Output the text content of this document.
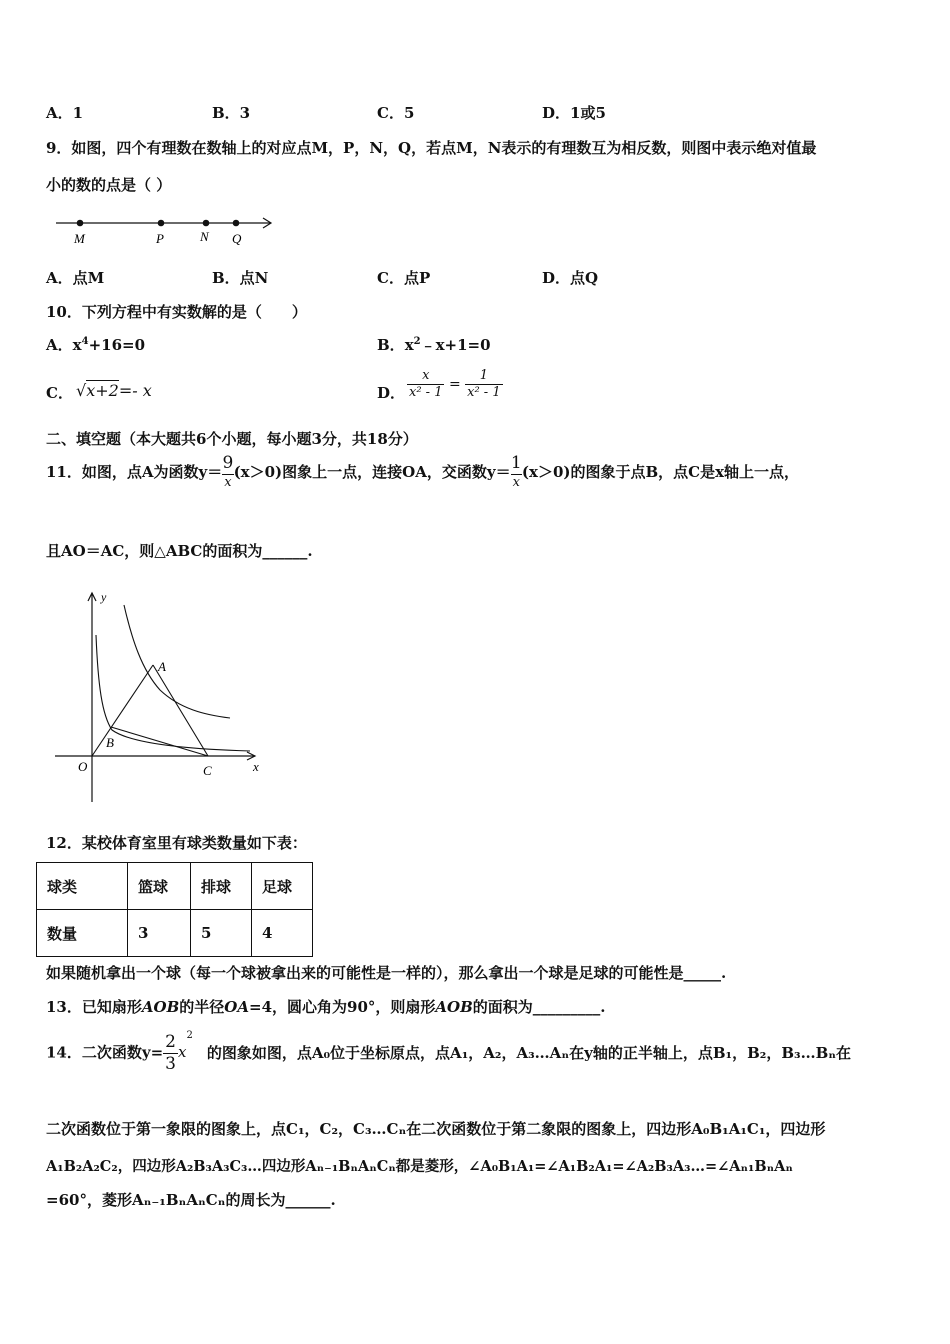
A．1	B．3	C．5	D．1或5
9．如图，四个有理数在数轴上的对应点M，P，N，Q，若点M，N表示的有理数互为相反数，则图中表示绝对值最
小的数的点是（ ）
M	P	N Q
A．点M	B．点N	C．点P	D．点Q
10．下列方程中有实数解的是（　　）
A．$x^4+16=0$	B．$x^2﹣x+1=0$
C． √x+2=- x	D． $\frac{x}{\text{x² - 1}} = \frac{1}{\text{x² - 1}}$
二、填空题（本大题共6个小题，每小题3分，共18分）
11．如图，点A为函数$y= \frac{9}{x} (x>0)$图象上一点，连接OA，交函数$y= \frac{1}{x} (x>0)$的图象于点B，点C是x轴上一点，
且AO＝AC，则△ABC的面积为______.
y
x
O
A
B
C
12．某校体育室里有球类数量如下表：
球类	篮球	排球	足球
数量	3	5	4
如果随机拿出一个球（每一个球被拿出来的可能性是一样的），那么拿出一个球是足球的可能性是_____.
13．已知扇形AOB的半径OA=4，圆心角为90°，则扇形AOB的面积为_________.
14．二次函数$y= \frac{2}{3} x^2$的图象如图，点A₀位于坐标原点，点A₁，A₂，A₃…Aₙ在y轴的正半轴上，点B₁，B₂，B₃…Bₙ在
二次函数位于第一象限的图象上，点C₁，C₂，C₃…Cₙ在二次函数位于第二象限的图象上，四边形A₀B₁A₁C₁，四边形
A₁B₂A₂C₂，四边形A₂B₃A₃C₃…四边形Aₙ₋₁BₙAₙCₙ都是菱形，∠A₀B₁A₁=∠A₁B₂A₁=∠A₂B₃A₃…=∠Aₙ₁BₙAₙ
=60°，菱形Aₙ₋₁BₙAₙCₙ的周长为______.
